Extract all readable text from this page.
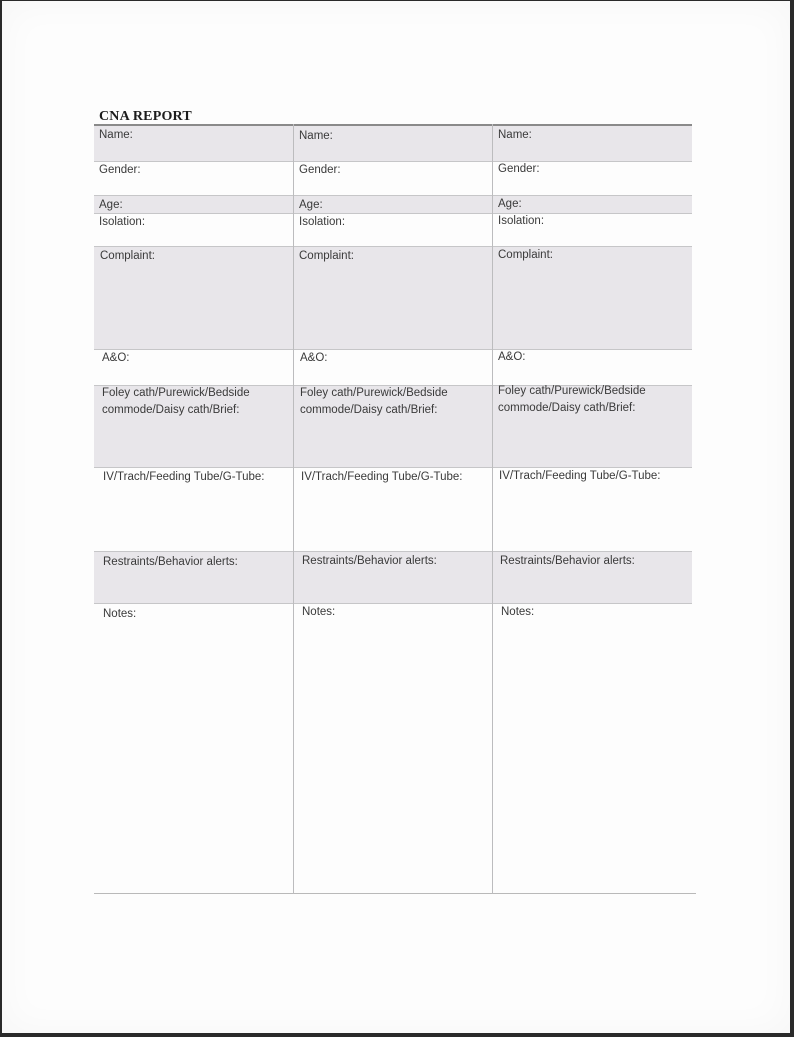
CNA REPORT
Name:
Gender:
Age:
Isolation:
Complaint:
A&O:
Foley cath/Purewick/Bedside
commode/Daisy cath/Brief:
IV/Trach/Feeding Tube/G-Tube:
Restraints/Behavior alerts:
Notes:
Name:
Gender:
Age:
Isolation:
Complaint:
A&O:
Foley cath/Purewick/Bedside
commode/Daisy cath/Brief:
IV/Trach/Feeding Tube/G-Tube:
Restraints/Behavior alerts:
Notes:
Name:
Gender:
Age:
Isolation:
Complaint:
A&O:
Foley cath/Purewick/Bedside
commode/Daisy cath/Brief:
IV/Trach/Feeding Tube/G-Tube:
Restraints/Behavior alerts:
Notes:
